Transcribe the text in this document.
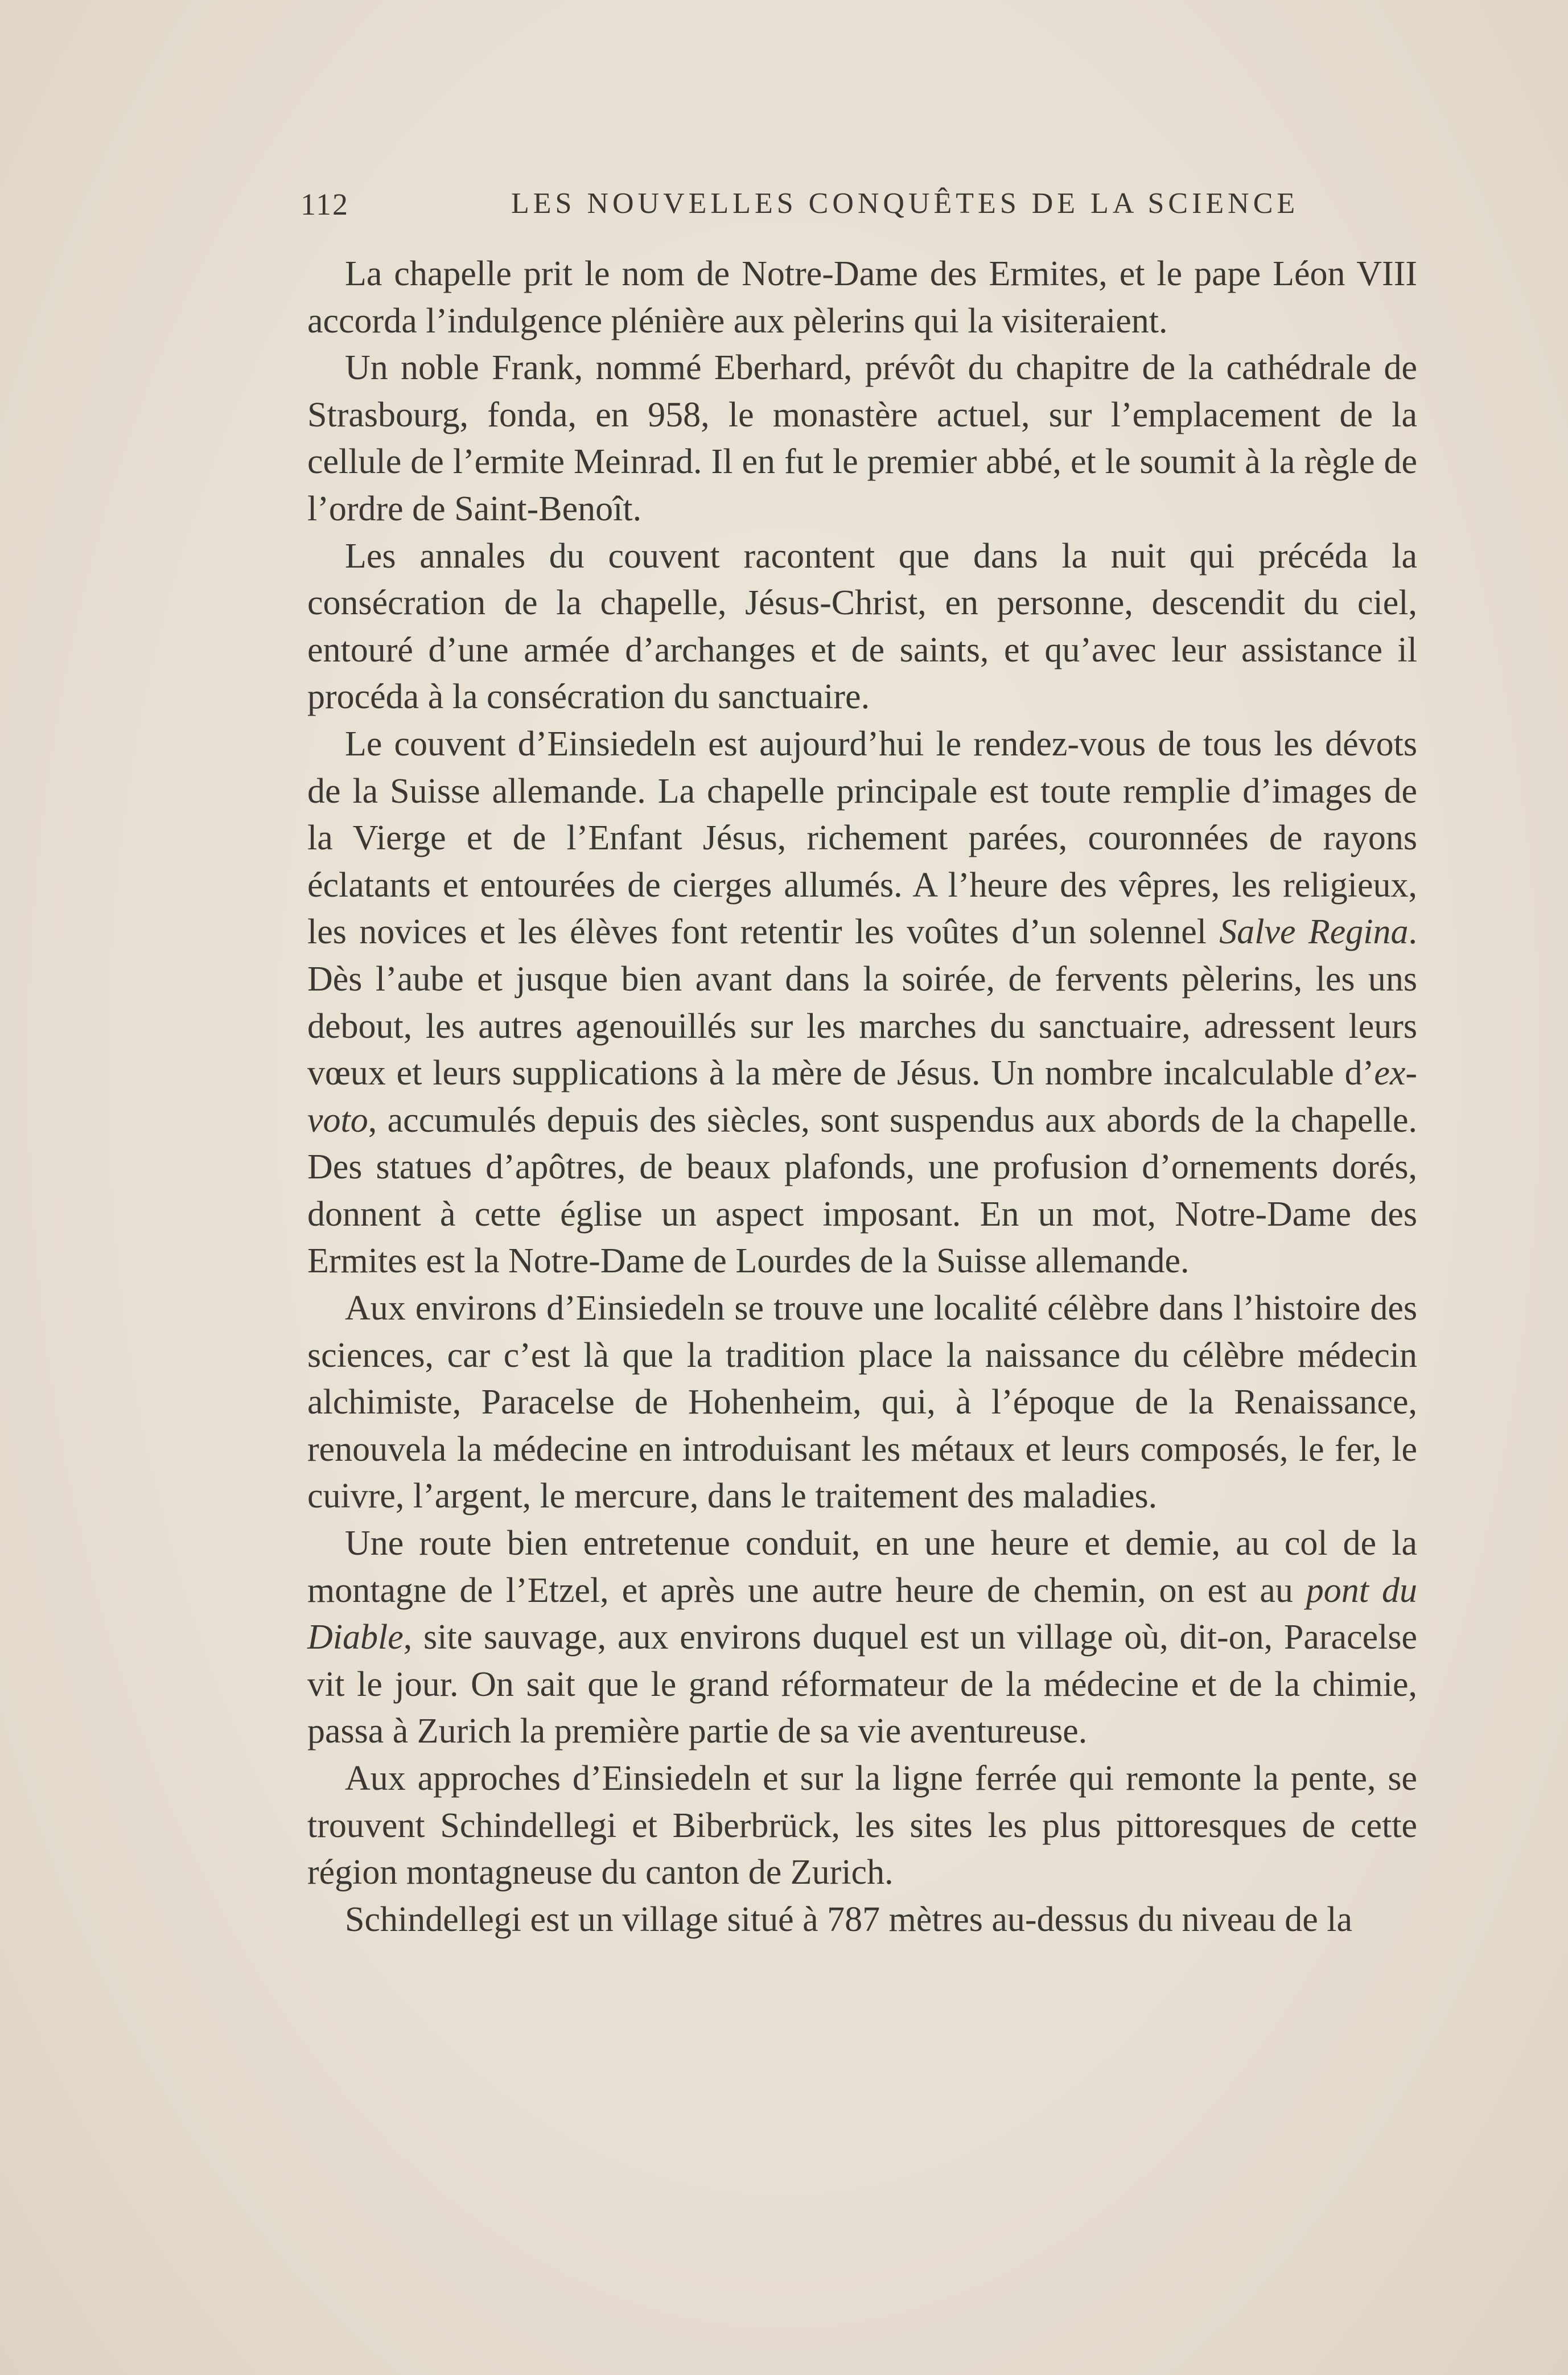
112	LES NOUVELLES CONQUÊTES DE LA SCIENCE

La chapelle prit le nom de Notre-Dame des Ermites, et le pape Léon VIII accorda l’indulgence plénière aux pèlerins qui la visiteraient.

Un noble Frank, nommé Eberhard, prévôt du chapitre de la cathédrale de Strasbourg, fonda, en 958, le monastère actuel, sur l’emplacement de la cellule de l’ermite Meinrad. Il en fut le premier abbé, et le soumit à la règle de l’ordre de Saint-Benoît.

Les annales du couvent racontent que dans la nuit qui précéda la consécration de la chapelle, Jésus-Christ, en personne, descendit du ciel, entouré d’une armée d’archanges et de saints, et qu’avec leur assistance il procéda à la consécration du sanctuaire.

Le couvent d’Einsiedeln est aujourd’hui le rendez-vous de tous les dévots de la Suisse allemande. La chapelle principale est toute remplie d’images de la Vierge et de l’Enfant Jésus, richement parées, couronnées de rayons éclatants et entourées de cierges allumés. A l’heure des vêpres, les religieux, les novices et les élèves font retentir les voûtes d’un solennel Salve Regina. Dès l’aube et jusque bien avant dans la soirée, de fervents pèlerins, les uns debout, les autres agenouillés sur les marches du sanctuaire, adressent leurs vœux et leurs supplications à la mère de Jésus. Un nombre incalculable d’ex-voto, accumulés depuis des siècles, sont suspendus aux abords de la chapelle. Des statues d’apôtres, de beaux plafonds, une profusion d’ornements dorés, donnent à cette église un aspect imposant. En un mot, Notre-Dame des Ermites est la Notre-Dame de Lourdes de la Suisse allemande.

Aux environs d’Einsiedeln se trouve une localité célèbre dans l’histoire des sciences, car c’est là que la tradition place la naissance du célèbre médecin alchimiste, Paracelse de Hohenheim, qui, à l’époque de la Renaissance, renouvela la médecine en introduisant les métaux et leurs composés, le fer, le cuivre, l’argent, le mercure, dans le traitement des maladies.

Une route bien entretenue conduit, en une heure et demie, au col de la montagne de l’Etzel, et après une autre heure de chemin, on est au pont du Diable, site sauvage, aux environs duquel est un village où, dit-on, Paracelse vit le jour. On sait que le grand réformateur de la médecine et de la chimie, passa à Zurich la première partie de sa vie aventureuse.

Aux approches d’Einsiedeln et sur la ligne ferrée qui remonte la pente, se trouvent Schindellegi et Biberbrück, les sites les plus pittoresques de cette région montagneuse du canton de Zurich.

Schindellegi est un village situé à 787 mètres au-dessus du niveau de la
